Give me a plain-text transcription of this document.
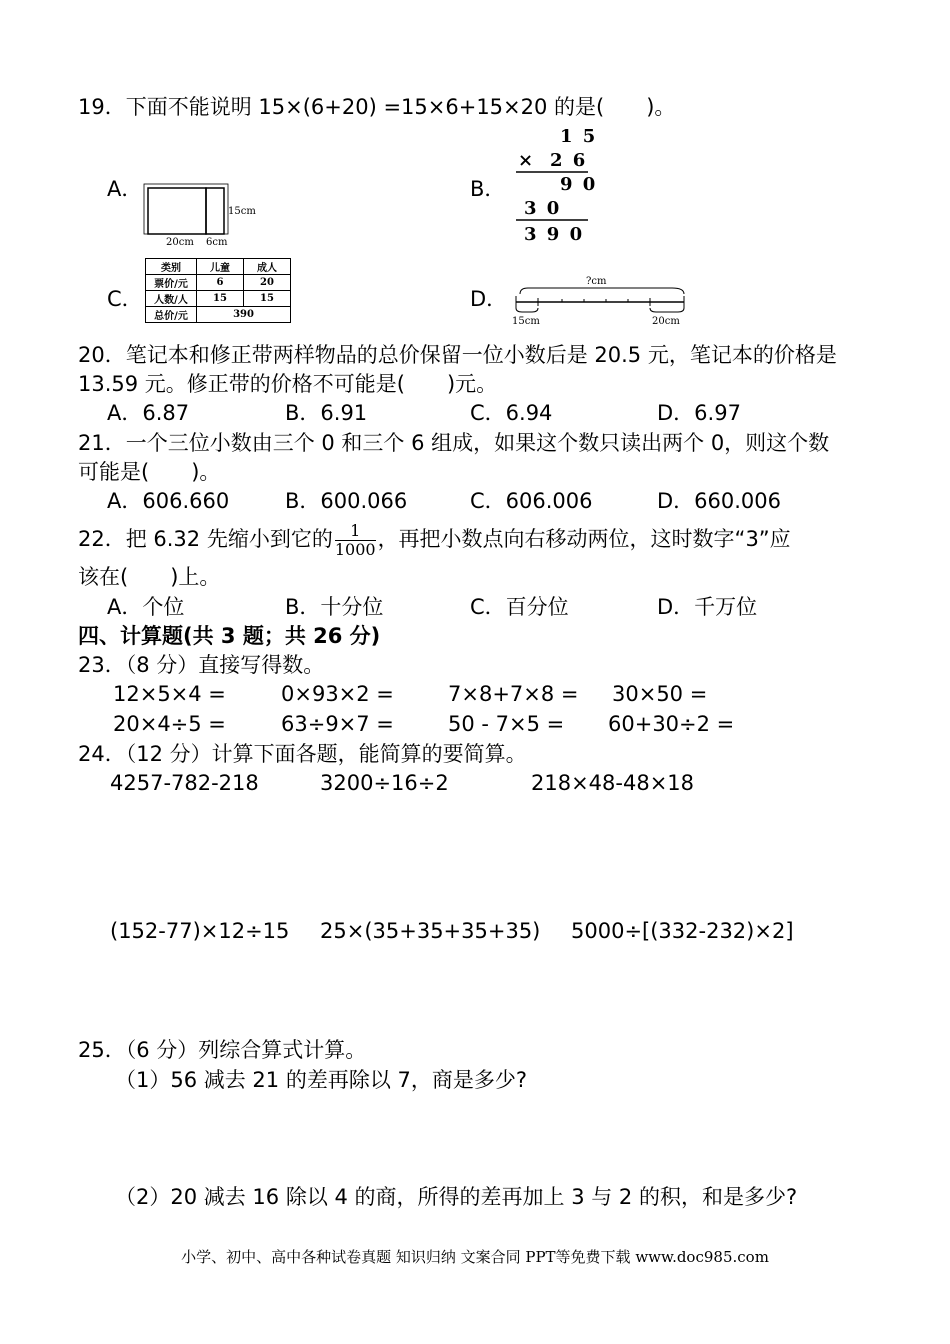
19．下面不能说明 15×(6+20) =15×6+15×20 的是(　　)。
A．
15cm
20cm 6cm
B．
1 5
× 2 6
9 0
3 0
3 9 0
C．
类别	儿童	成人
票价/元	6	20
人数/人	15	15
总价/元	390	
D．
?cm
15cm	20cm
20．笔记本和修正带两样物品的总价保留一位小数后是 20.5 元，笔记本的价格是
13.59 元。修正带的价格不可能是(　　)元。
A．6.87	B．6.91	C．6.94	D．6.97
21．一个三位小数由三个 0 和三个 6 组成，如果这个数只读出两个 0，则这个数
可能是(　　)。
A．606.660	B．600.066	C．606.006	D．660.006
22．把 6.32 先缩小到它的 $\frac{1}{1000}$ ，再把小数点向右移动两位，这时数字“3”应
该在(　　)上。
A．个位	B．十分位	C．百分位	D．千万位
四、计算题(共 3 题；共 26 分)
23．（8 分）直接写得数。
12×5×4 =	0×93×2 =	7×8+7×8 = 30×50 =
20×4÷5 =	63÷9×7 =	50 - 7×5 = 60+30÷2 =
24．（12 分）计算下面各题，能简算的要简算。
4257-782-218	3200÷16÷2	218×48-48×18
(152-77)×12÷15 25×(35+35+35+35) 5000÷[(332-232)×2]
25．（6 分）列综合算式计算。
（1）56 减去 21 的差再除以 7，商是多少?
（2）20 减去 16 除以 4 的商，所得的差再加上 3 与 2 的积，和是多少?
小学、初中、高中各种试卷真题 知识归纳 文案合同 PPT等免费下载 www.doc985.com
